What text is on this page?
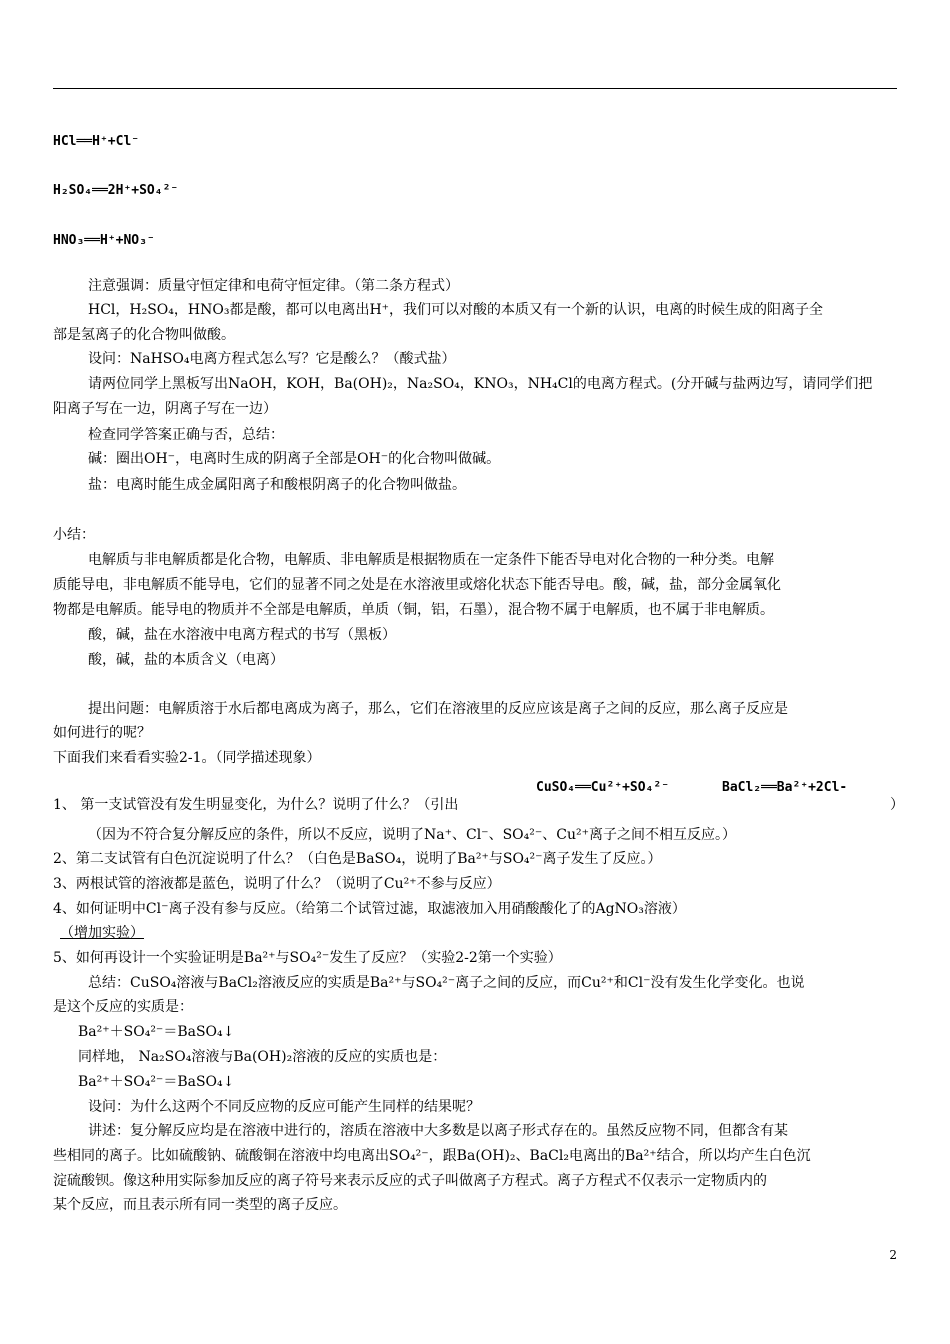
HCl══H⁺+Cl⁻
H₂SO₄══2H⁺+SO₄²⁻
HNO₃══H⁺+NO₃⁻
注意强调：质量守恒定律和电荷守恒定律。（第二条方程式）
HCl，H₂SO₄，HNO₃都是酸，都可以电离出H⁺，我们可以对酸的本质又有一个新的认识，电离的时候生成的阳离子全
部是氢离子的化合物叫做酸。
设问：NaHSO₄电离方程式怎么写？它是酸么？（酸式盐）
请两位同学上黑板写出NaOH，KOH，Ba(OH)₂，Na₂SO₄，KNO₃，NH₄Cl的电离方程式。(分开碱与盐两边写，请同学们把
阳离子写在一边，阴离子写在一边）
检查同学答案正确与否，总结：
碱：圈出OH⁻，电离时生成的阴离子全部是OH⁻的化合物叫做碱。
盐：电离时能生成金属阳离子和酸根阴离子的化合物叫做盐。
小结：
电解质与非电解质都是化合物，电解质、非电解质是根据物质在一定条件下能否导电对化合物的一种分类。电解
质能导电，非电解质不能导电，它们的显著不同之处是在水溶液里或熔化状态下能否导电。酸，碱，盐，部分金属氧化
物都是电解质。能导电的物质并不全部是电解质，单质（铜，铝，石墨），混合物不属于电解质，也不属于非电解质。
酸，碱，盐在水溶液中电离方程式的书写（黑板）
酸，碱，盐的本质含义（电离）
提出问题：电解质溶于水后都电离成为离子，那么，它们在溶液里的反应应该是离子之间的反应，那么离子反应是
如何进行的呢？
下面我们来看看实验2-1。（同学描述现象）
CuSO₄══Cu²⁺+SO₄²⁻	BaCl₂══Ba²⁺+2Cl-
1、 第一支试管没有发生明显变化，为什么？说明了什么？（引出	）
（因为不符合复分解反应的条件，所以不反应，说明了Na⁺、Cl⁻、SO₄²⁻、Cu²⁺离子之间不相互反应。）
2、第二支试管有白色沉淀说明了什么？（白色是BaSO₄，说明了Ba²⁺与SO₄²⁻离子发生了反应。）
3、两根试管的溶液都是蓝色，说明了什么？（说明了Cu²⁺不参与反应）
4、如何证明中Cl⁻离子没有参与反应。（给第二个试管过滤，取滤液加入用硝酸酸化了的AgNO₃溶液）
（增加实验）
5、如何再设计一个实验证明是Ba²⁺与SO₄²⁻发生了反应？（实验2-2第一个实验）
总结：CuSO₄溶液与BaCl₂溶液反应的实质是Ba²⁺与SO₄²⁻离子之间的反应，而Cu²⁺和Cl⁻没有发生化学变化。也说
是这个反应的实质是：
Ba²⁺＋SO₄²⁻＝BaSO₄↓
同样地， Na₂SO₄溶液与Ba(OH)₂溶液的反应的实质也是：
Ba²⁺＋SO₄²⁻＝BaSO₄↓
设问：为什么这两个不同反应物的反应可能产生同样的结果呢？
讲述：复分解反应均是在溶液中进行的，溶质在溶液中大多数是以离子形式存在的。虽然反应物不同，但都含有某
些相同的离子。比如硫酸钠、硫酸铜在溶液中均电离出SO₄²⁻，跟Ba(OH)₂、BaCl₂电离出的Ba²⁺结合，所以均产生白色沉
淀硫酸钡。像这种用实际参加反应的离子符号来表示反应的式子叫做离子方程式。离子方程式不仅表示一定物质内的
某个反应，而且表示所有同一类型的离子反应。
2
